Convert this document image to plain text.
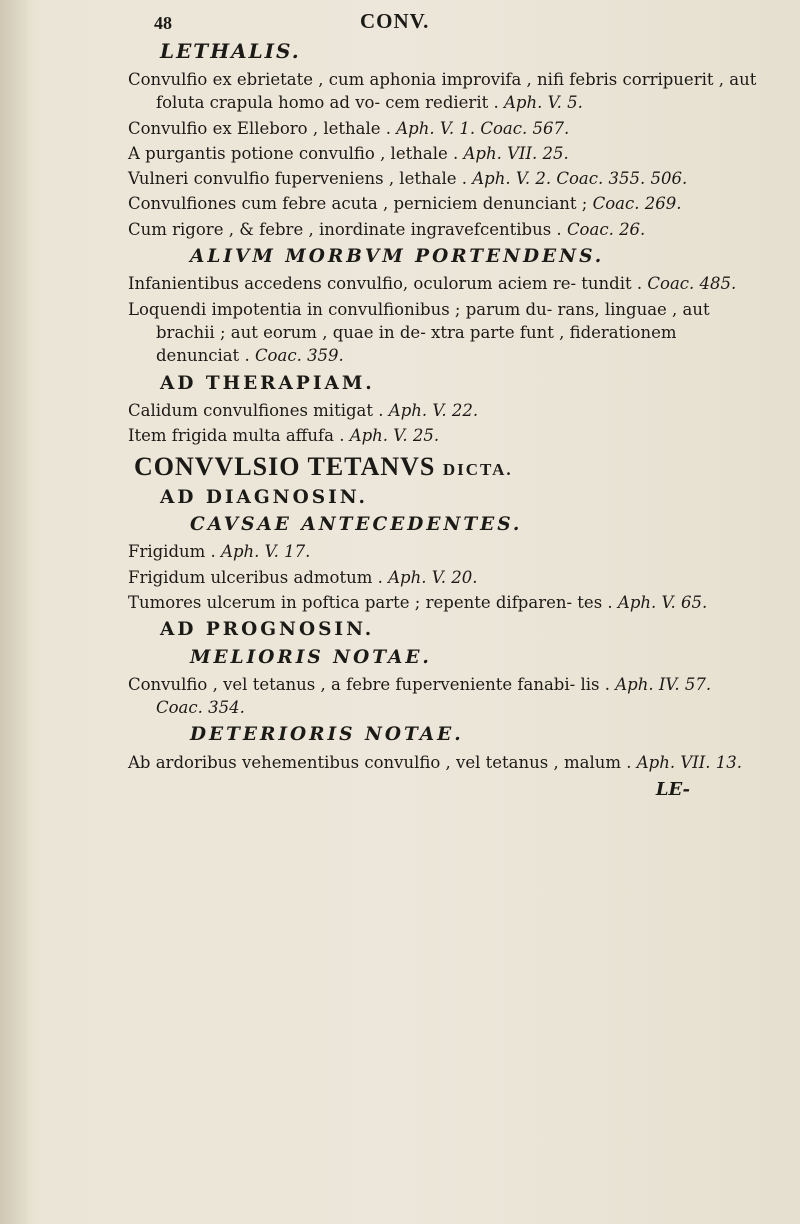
48	CONV.
LETHALIS.

Convulfio ex ebrietate , cum aphonia improvifa , nifi febris corripuerit , aut foluta crapula homo ad vo- cem redierit . Aph. V. 5.

Convulfio ex Elleboro , lethale . Aph. V. 1. Coac. 567.

A purgantis potione convulfio , lethale . Aph. VII. 25.

Vulneri convulfio fuperveniens , lethale . Aph. V. 2. Coac. 355. 506.

Convulfiones cum febre acuta , perniciem denunciant ; Coac. 269.

Cum rigore , & febre , inordinate ingravefcentibus . Coac. 26.

ALIVM MORBVM PORTENDENS.

Infanientibus accedens convulfio, oculorum aciem re- tundit . Coac. 485.

Loquendi impotentia in convulfionibus ; parum du- rans, linguae , aut brachii ; aut eorum , quae in de- xtra parte funt , fiderationem denunciat . Coac. 359.

AD THERAPIAM.

Calidum convulfiones mitigat . Aph. V. 22.

Item frigida multa affufa . Aph. V. 25.

CONVVLSIO TETANVS DICTA.
AD DIAGNOSIN.
CAVSAE ANTECEDENTES.

Frigidum . Aph. V. 17.

Frigidum ulceribus admotum . Aph. V. 20.

Tumores ulcerum in poftica parte ; repente difparen- tes . Aph. V. 65.

AD PROGNOSIN.
MELIORIS NOTAE.

Convulfio , vel tetanus , a febre fuperveniente fanabi- lis . Aph. IV. 57. Coac. 354.

DETERIORIS NOTAE.

Ab ardoribus vehementibus convulfio , vel tetanus , malum . Aph. VII. 13.

LE-
